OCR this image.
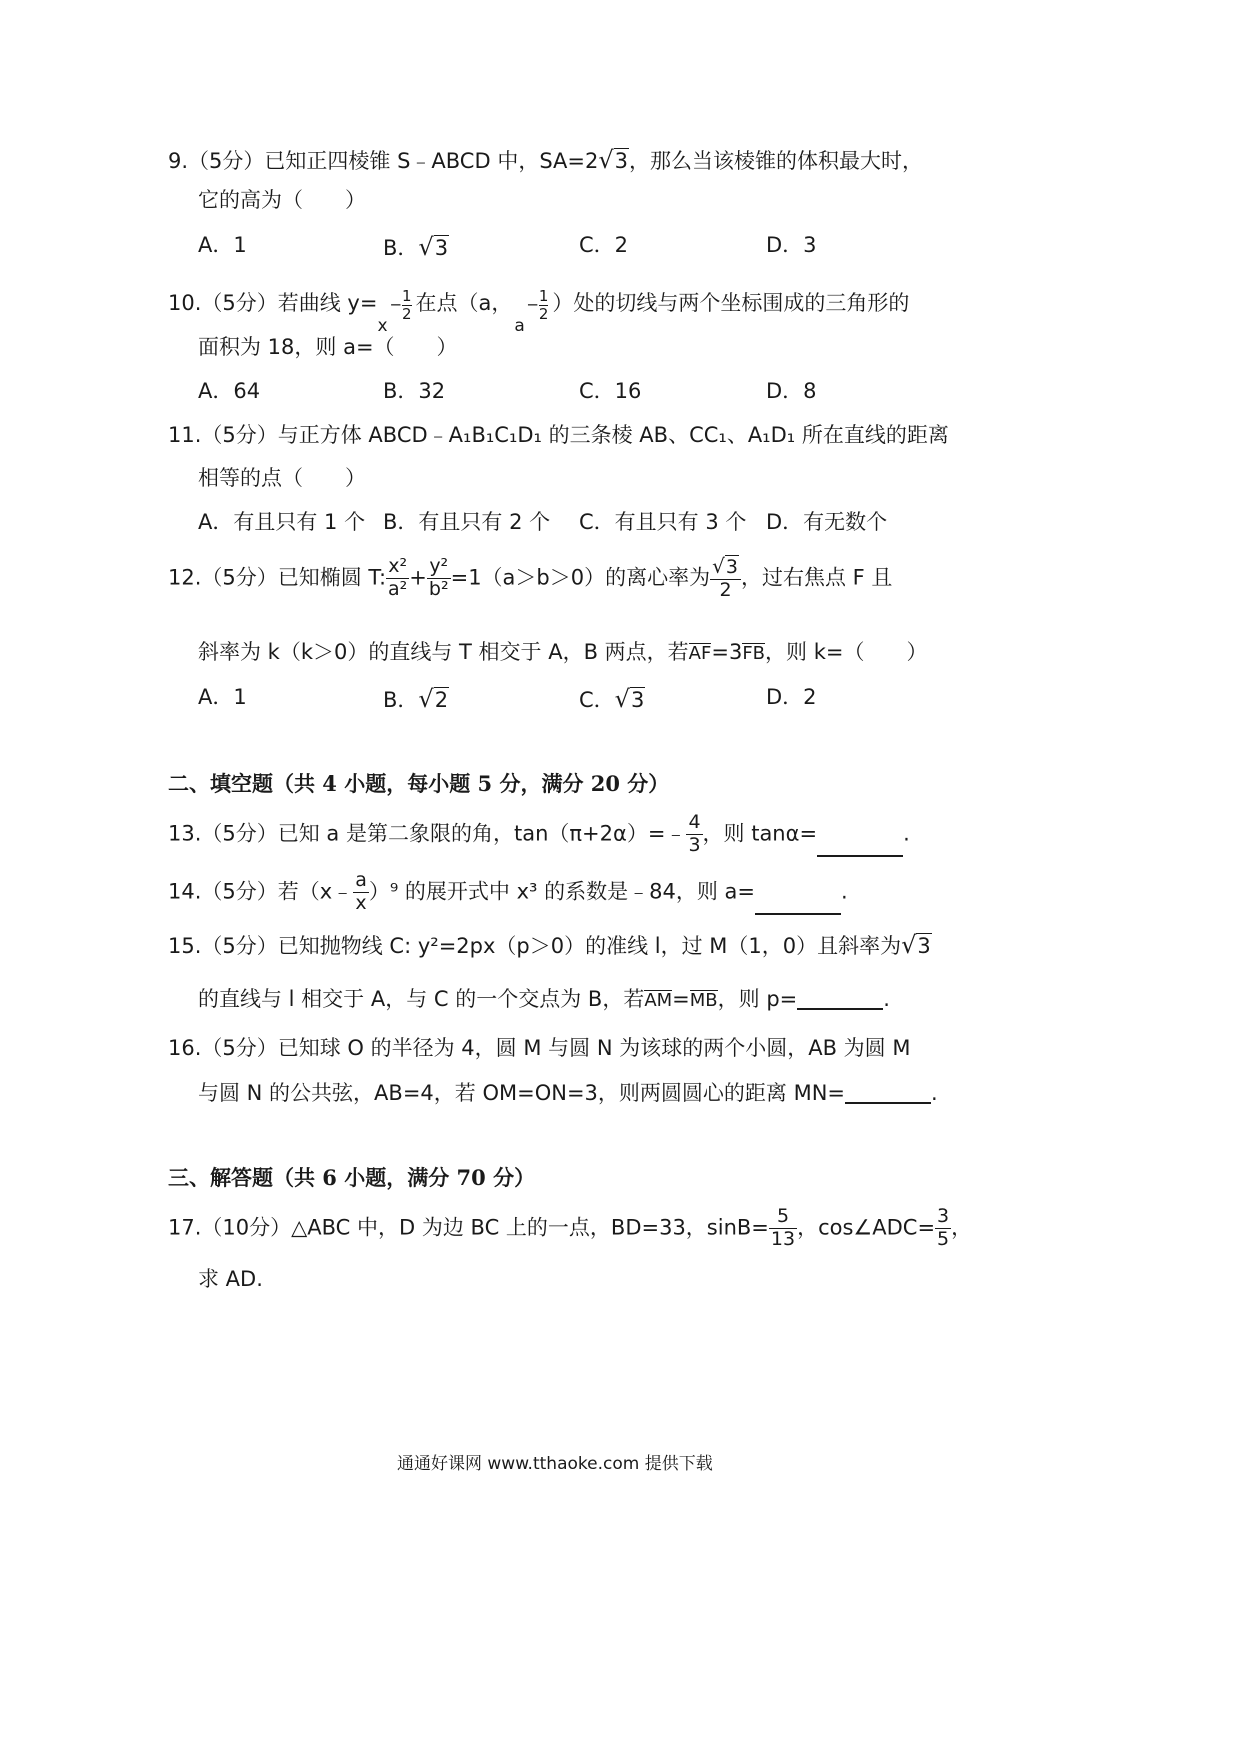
9.（5分）已知正四棱锥 S﹣ABCD 中，SA=2√3，那么当该棱锥的体积最大时，
它的高为（　　）
A．1	B．√3	C．2	D．3
10.（5分）若曲线 y=
x
− $\frac{1}{2}$ 在点（a，
a
− $\frac{1}{2}$ ）处的切线与两个坐标围成的三角形的
面积为 18，则 a=（　　）
A．64	B．32	C．16	D．8
11.（5分）与正方体 ABCD﹣A₁B₁C₁D₁ 的三条棱 AB、CC₁、A₁D₁ 所在直线的距离
相等的点（　　）
A．有且只有 1 个 B．有且只有 2 个 C．有且只有 3 个 D．有无数个
12.（5分）已知椭圆 T: $\frac{\text{x²}}{\text{a²}} + \frac{\text{y²}}{\text{b²}} =1(a>b>0)$的离心率为 $\frac{√3}{2}$ ，过右焦点 F 且
斜率为 k（k＞0）的直线与 T 相交于 A，B 两点，若AF=3FB，则 k=（　　）
A．1	B．√2	C．√3	D．2
二、填空题（共 4 小题，每小题 5 分，满分 20 分）
13.（5分）已知 a 是第二象限的角，tan（π+2α）=﹣ $\frac{4}{3}$ ，则 tanα=	.
14.（5分）若（x﹣ $\frac{a}{x} )^9$ 的展开式中 x³ 的系数是﹣84，则 a=	.
15.（5分）已知抛物线 C: y²=2px（p＞0）的准线 l，过 M（1，0）且斜率为√3
的直线与 l 相交于 A，与 C 的一个交点为 B，若AM=MB，则 p=	.
16.（5分）已知球 O 的半径为 4，圆 M 与圆 N 为该球的两个小圆，AB 为圆 M
与圆 N 的公共弦，AB=4，若 OM=ON=3，则两圆圆心的距离 MN=	.
三、解答题（共 6 小题，满分 70 分）
17.（10分）△ABC 中，D 为边 BC 上的一点，BD=33，$\sin B= \frac{5}{13}$ ，cos∠ADC= $\frac{3}{5}$ ，
求 AD.
通通好课网 www.tthaoke.com 提供下载
